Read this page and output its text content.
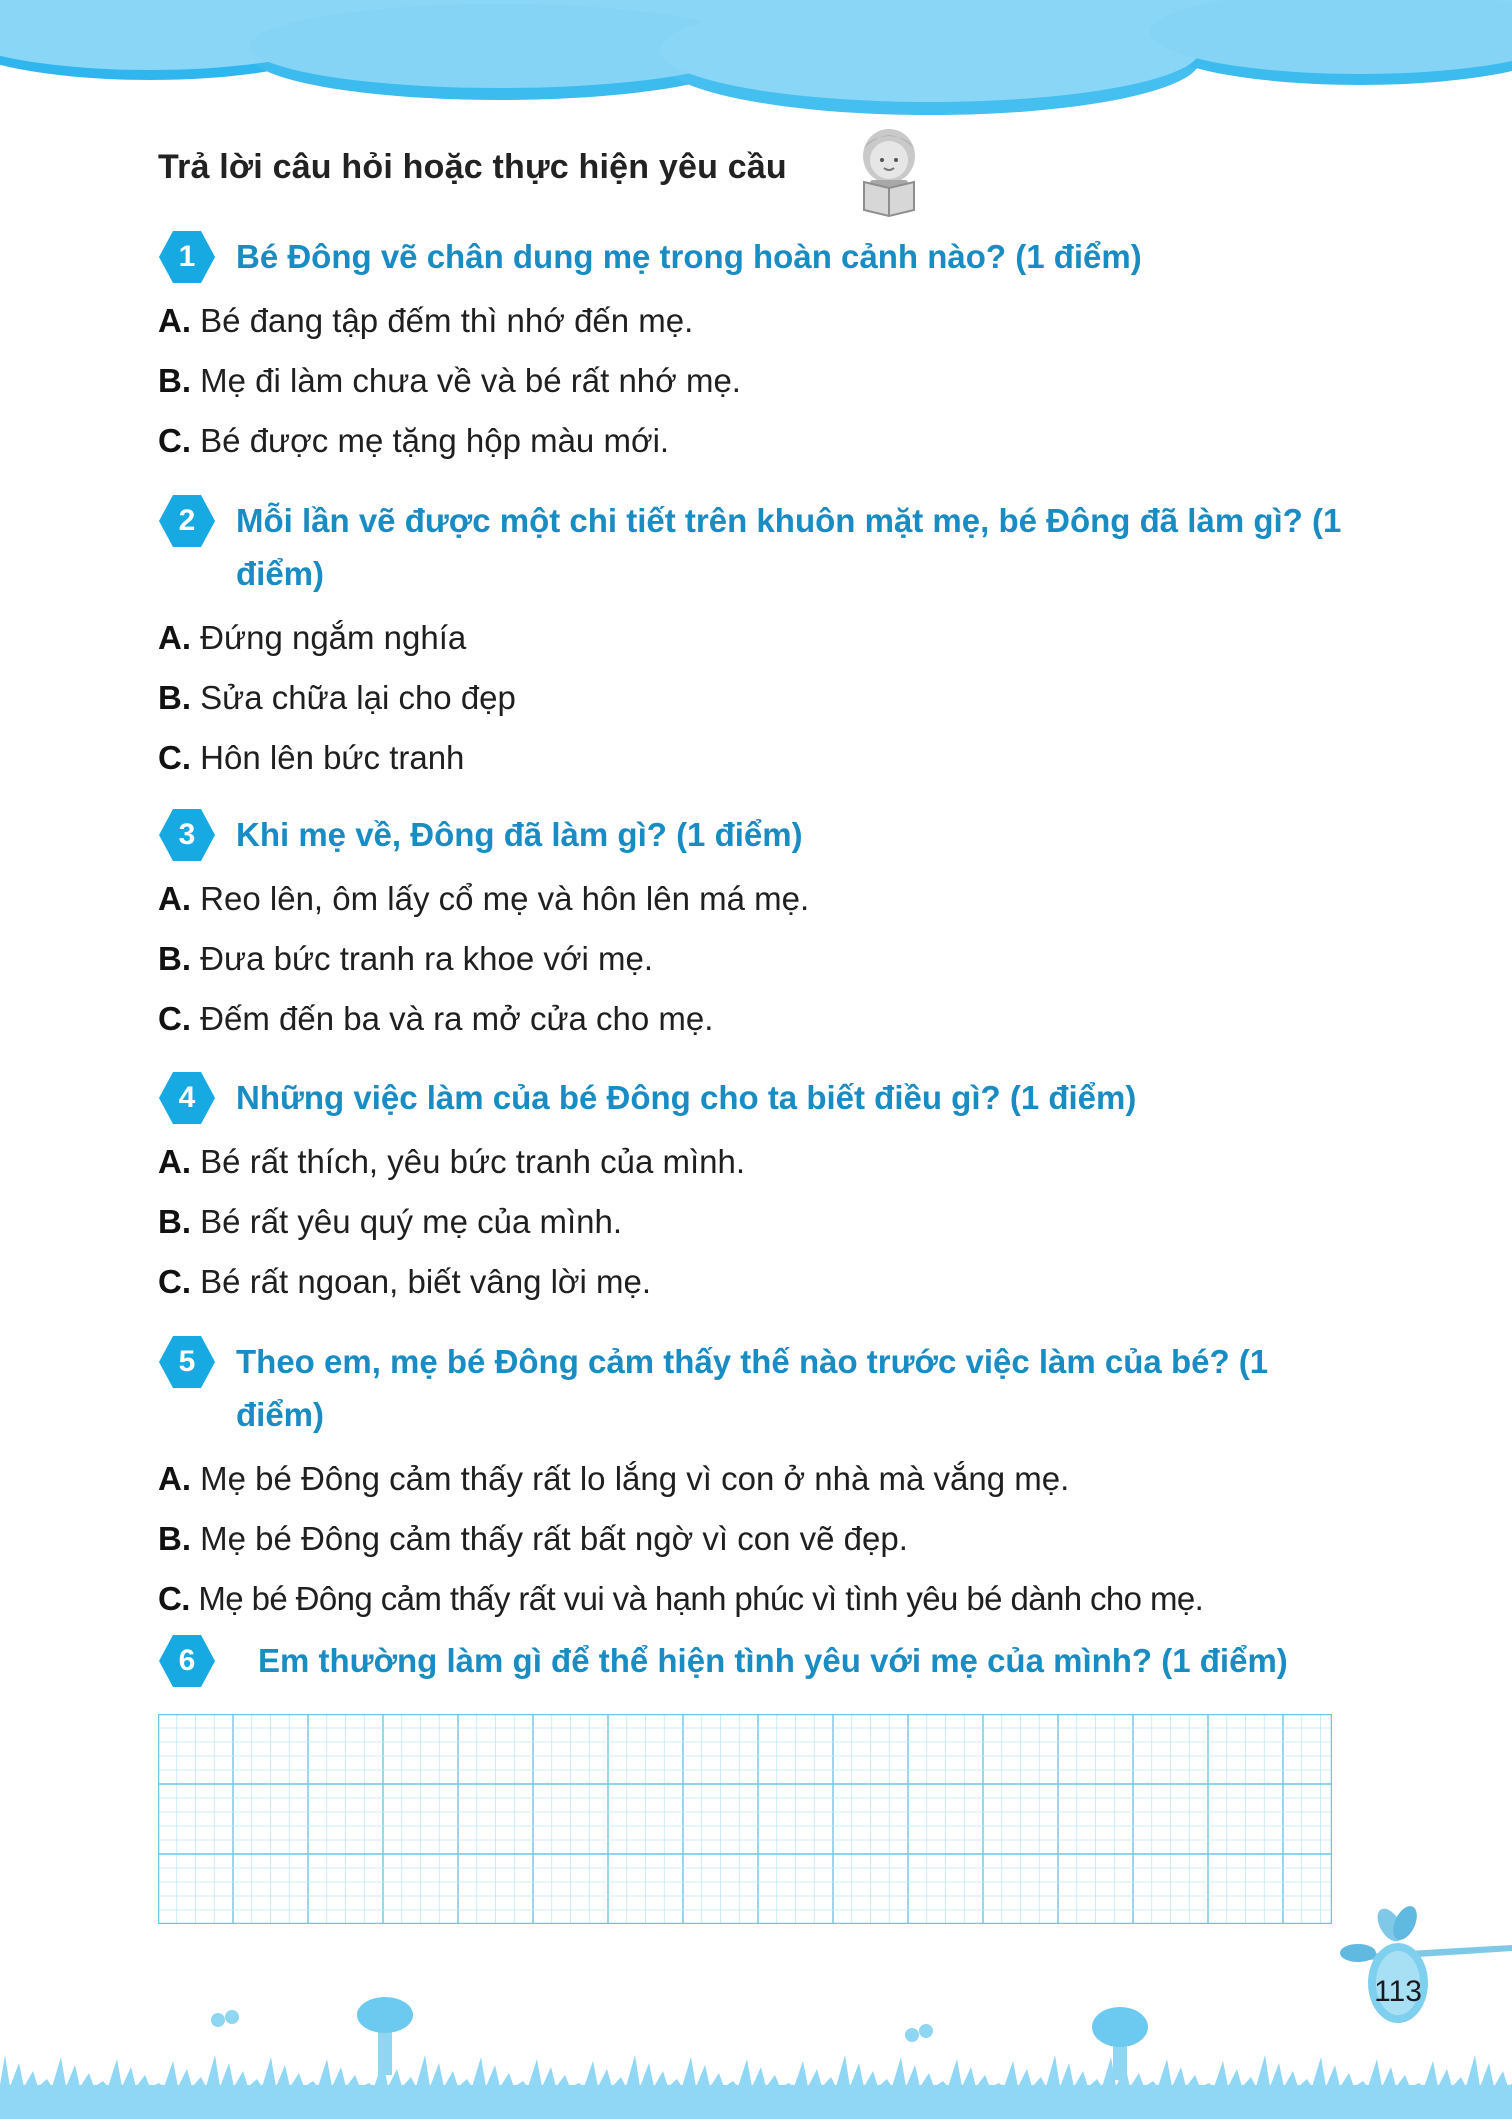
Trả lời câu hỏi hoặc thực hiện yêu cầu
1	Bé Đông vẽ chân dung mẹ trong hoàn cảnh nào? (1 điểm)
A. Bé đang tập đếm thì nhớ đến mẹ.
B. Mẹ đi làm chưa về và bé rất nhớ mẹ.
C. Bé được mẹ tặng hộp màu mới.
2	Mỗi lần vẽ được một chi tiết trên khuôn mặt mẹ, bé Đông đã làm gì? (1 điểm)
A. Đứng ngắm nghía
B. Sửa chữa lại cho đẹp
C. Hôn lên bức tranh
3	Khi mẹ về, Đông đã làm gì? (1 điểm)
A. Reo lên, ôm lấy cổ mẹ và hôn lên má mẹ.
B. Đưa bức tranh ra khoe với mẹ.
C. Đếm đến ba và ra mở cửa cho mẹ.
4	Những việc làm của bé Đông cho ta biết điều gì? (1 điểm)
A. Bé rất thích, yêu bức tranh của mình.
B. Bé rất yêu quý mẹ của mình.
C. Bé rất ngoan, biết vâng lời mẹ.
5	Theo em, mẹ bé Đông cảm thấy thế nào trước việc làm của bé? (1 điểm)
A. Mẹ bé Đông cảm thấy rất lo lắng vì con ở nhà mà vắng mẹ.
B. Mẹ bé Đông cảm thấy rất bất ngờ vì con vẽ đẹp.
C. Mẹ bé Đông cảm thấy rất vui và hạnh phúc vì tình yêu bé dành cho mẹ.
6	Em thường làm gì để thể hiện tình yêu với mẹ của mình? (1 điểm)
113
